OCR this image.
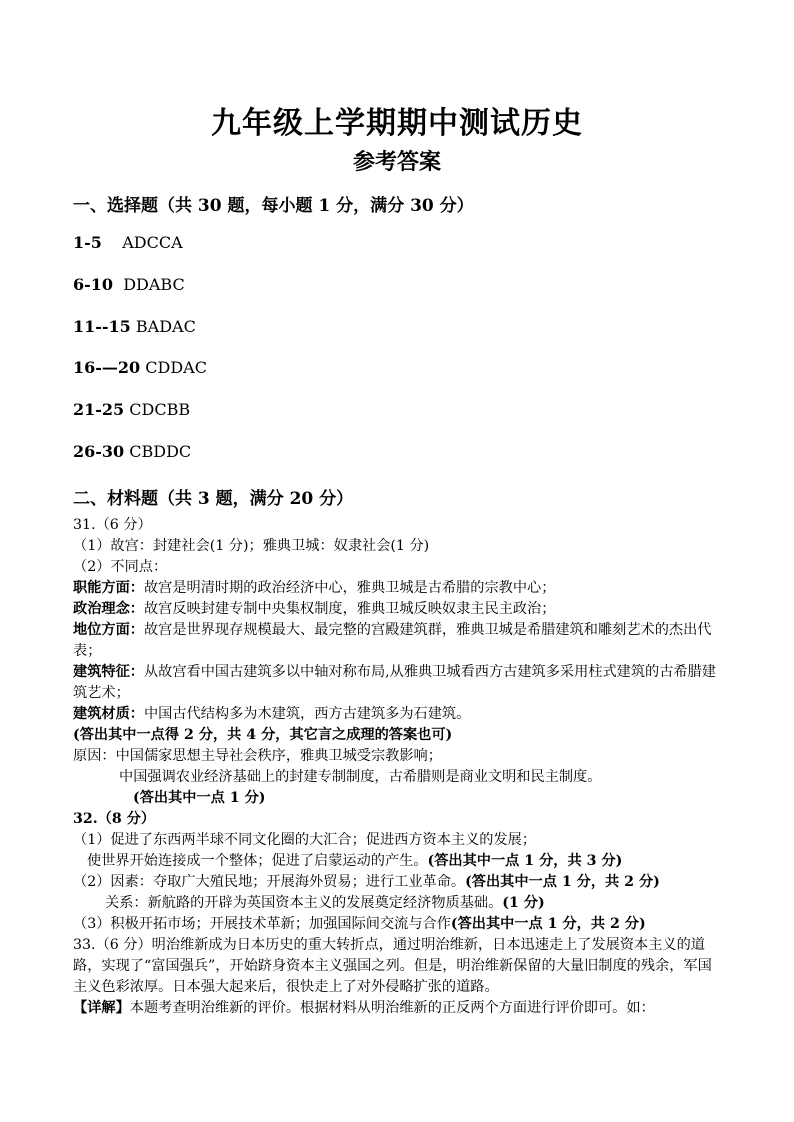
九年级上学期期中测试历史
参考答案
一、选择题（共 30 题，每小题 1 分，满分 30 分）
1-5 ADCCA
6-10 DDABC
11--15 BADAC
16-—20 CDDAC
21-25 CDCBB
26-30 CBDDC
二、材料题（共 3 题，满分 20 分）
31.（6 分）
（1）故宫：封建社会(1 分)；雅典卫城：奴隶社会(1 分)
（2）不同点：
职能方面：故宫是明清时期的政治经济中心，雅典卫城是古希腊的宗教中心；
政治理念：故宫反映封建专制中央集权制度，雅典卫城反映奴隶主民主政治；
地位方面：故宫是世界现存规模最大、最完整的宫殿建筑群，雅典卫城是希腊建筑和雕刻艺术的杰出代表；
建筑特征：从故宫看中国古建筑多以中轴对称布局,从雅典卫城看西方古建筑多采用柱式建筑的古希腊建筑艺术；
建筑材质：中国古代结构多为木建筑，西方古建筑多为石建筑。
(答出其中一点得 2 分，共 4 分，其它言之成理的答案也可)
原因：中国儒家思想主导社会秩序，雅典卫城受宗教影响；
中国强调农业经济基础上的封建专制制度，古希腊则是商业文明和民主制度。
(答出其中一点 1 分)
32.（8 分）
（1）促进了东西两半球不同文化圈的大汇合；促进西方资本主义的发展；
使世界开始连接成一个整体；促进了启蒙运动的产生。(答出其中一点 1 分，共 3 分)
（2）因素：夺取广大殖民地；开展海外贸易；进行工业革命。(答出其中一点 1 分，共 2 分)
关系：新航路的开辟为英国资本主义的发展奠定经济物质基础。(1 分)
（3）积极开拓市场；开展技术革新；加强国际间交流与合作(答出其中一点 1 分，共 2 分)
33.（6 分）明治维新成为日本历史的重大转折点，通过明治维新，日本迅速走上了发展资本主义的道路，实现了“富国强兵”，开始跻身资本主义强国之列。但是，明治维新保留的大量旧制度的残余，军国主义色彩浓厚。日本强大起来后，很快走上了对外侵略扩张的道路。
【详解】本题考查明治维新的评价。根据材料从明治维新的正反两个方面进行评价即可。如：
